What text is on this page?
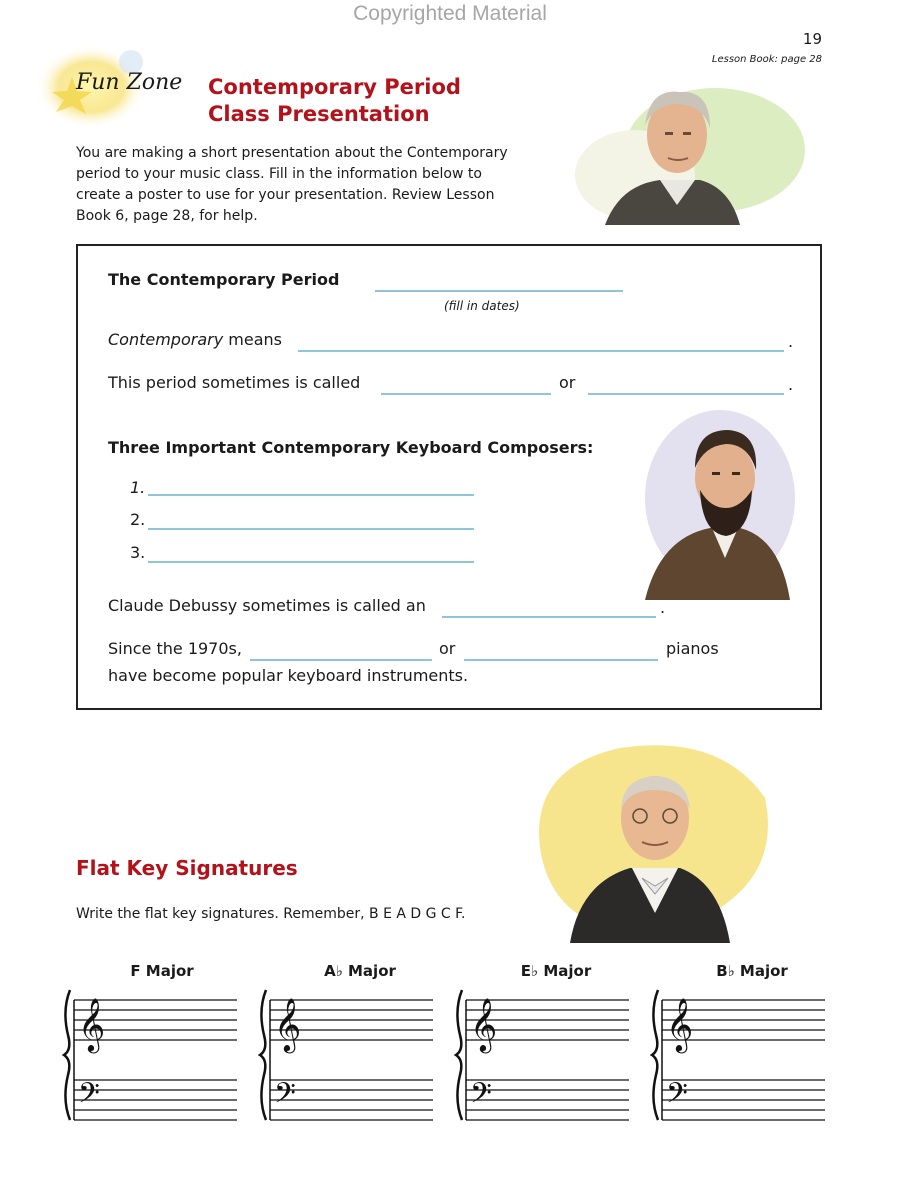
Copyrighted Material
19
Lesson Book: page 28
Fun Zone Contemporary Period
Class Presentation
You are making a short presentation about the Contemporary
period to your music class. Fill in the information below to
create a poster to use for your presentation. Review Lesson
Book 6, page 28, for help.
The Contemporary Period
(fill in dates)
Contemporary means	.
This period sometimes is called	or	.
Three Important Contemporary Keyboard Composers:
1.
2.
3.
Claude Debussy sometimes is called an	.
Since the 1970s,	or	pianos
have become popular keyboard instruments.
Flat Key Signatures
Write the flat key signatures. Remember, B E A D G C F.
F Major	A♭ Major	E♭ Major	B♭ Major
𝄞
𝄢
𝄞
𝄢
𝄞
𝄢
𝄞
𝄢
